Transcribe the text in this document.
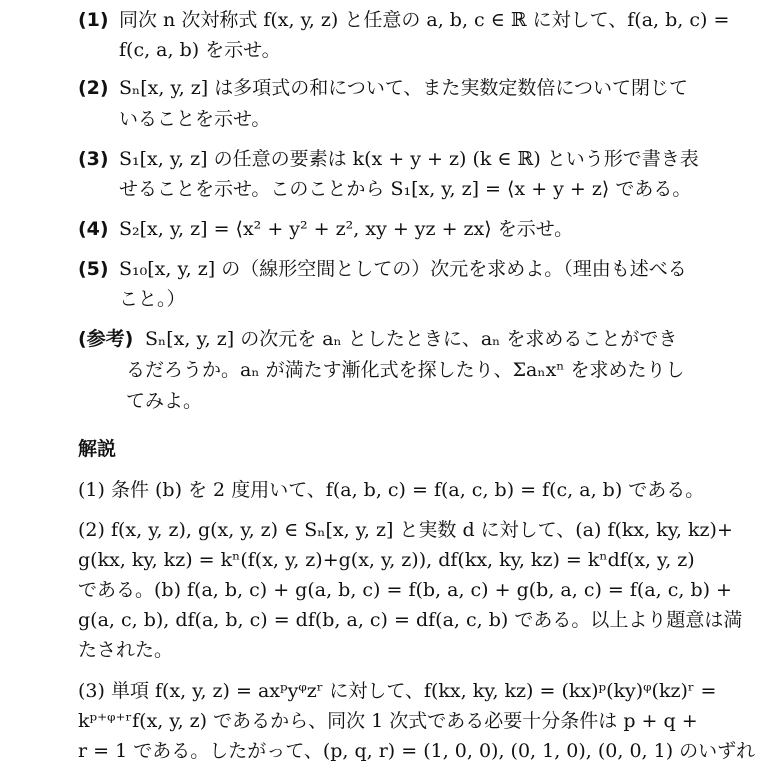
(1) 同次 n 次対称式 f(x, y, z) と任意の a, b, c ∈ ℝ に対して、f(a, b, c) =
f(c, a, b) を示せ。
(2) Sₙ[x, y, z] は多項式の和について、また実数定数倍について閉じて
いることを示せ。
(3) S₁[x, y, z] の任意の要素は k(x + y + z) (k ∈ ℝ) という形で書き表
せることを示せ。このことから S₁[x, y, z] = ⟨x + y + z⟩ である。
(4) S₂[x, y, z] = ⟨x² + y² + z², xy + yz + zx⟩ を示せ。
(5) S₁₀[x, y, z] の（線形空間としての）次元を求めよ。（理由も述べる
こと。）
(参考) Sₙ[x, y, z] の次元を aₙ としたときに、aₙ を求めることができ
るだろうか。aₙ が満たす漸化式を探したり、Σaₙxⁿ を求めたりし
てみよ。
解説
(1) 条件 (b) を 2 度用いて、f(a, b, c) = f(a, c, b) = f(c, a, b) である。
(2) f(x, y, z), g(x, y, z) ∈ Sₙ[x, y, z] と実数 d に対して、(a) f(kx, ky, kz)+
g(kx, ky, kz) = kⁿ(f(x, y, z)+g(x, y, z)), df(kx, ky, kz) = kⁿdf(x, y, z)
である。(b) f(a, b, c) + g(a, b, c) = f(b, a, c) + g(b, a, c) = f(a, c, b) +
g(a, c, b), df(a, b, c) = df(b, a, c) = df(a, c, b) である。以上より題意は満
たされた。
(3) 単項 f(x, y, z) = axᵖyᵠzʳ に対して、f(kx, ky, kz) = (kx)ᵖ(ky)ᵠ(kz)ʳ =
kᵖ⁺ᵠ⁺ʳf(x, y, z) であるから、同次 1 次式である必要十分条件は p + q +
r = 1 である。したがって、(p, q, r) = (1, 0, 0), (0, 1, 0), (0, 0, 1) のいずれ
